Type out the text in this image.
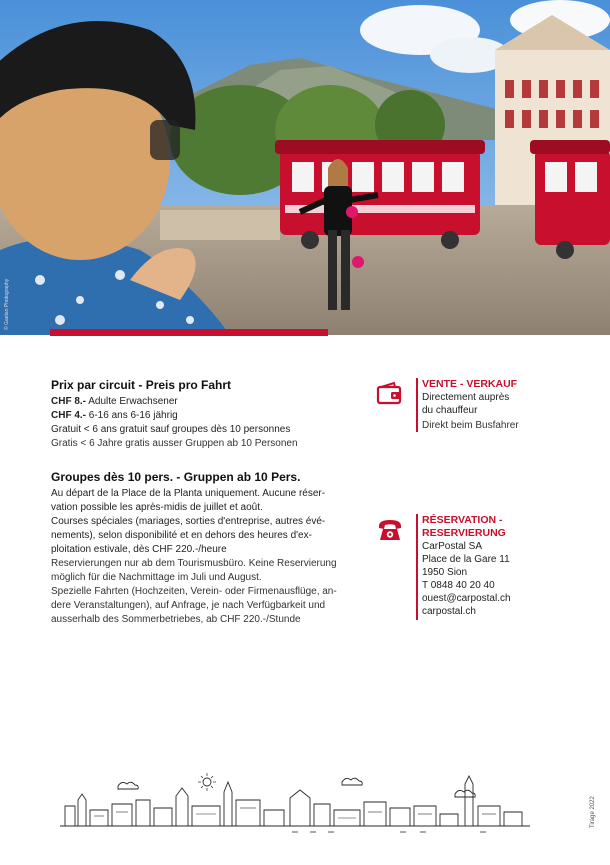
© Gaetan Photography

Prix par circuit - Preis pro Fahrt

CHF 8.- Adulte Erwachsener

CHF 4.- 6-16 ans 6-16 jährig

Gratuit < 6 ans gratuit sauf groupes dès 10 personnes

Gratis < 6 Jahre gratis ausser Gruppen ab 10 Personen

Groupes dès 10 pers. - Gruppen ab 10 Pers.

Au départ de la Place de la Planta uniquement. Aucune réser-

vation possible les après-midis de juillet et août.

Courses spéciales (mariages, sorties d'entreprise, autres évé-

nements), selon disponibilité et en dehors des heures d'ex-

ploitation estivale, dès CHF 220.-/heure

Reservierungen nur ab dem Tourismusbüro. Keine Reservierung

möglich für die Nachmittage im Juli und August.

Spezielle Fahrten (Hochzeiten, Verein- oder Firmenausflüge, an-

dere Veranstaltungen), auf Anfrage, je nach Verfügbarkeit und

ausserhalb des Sommerbetriebes, ab CHF 220.-/Stunde

VENTE - VERKAUF
Directement auprès du chauffeur
Direkt beim Busfahrer
RÉSERVATION -
RESERVIERUNG
CarPostal SA
Place de la Gare 11
1950 Sion
T 0848 40 20 40
ouest@carpostal.ch
carpostal.ch
Tirage 2022
